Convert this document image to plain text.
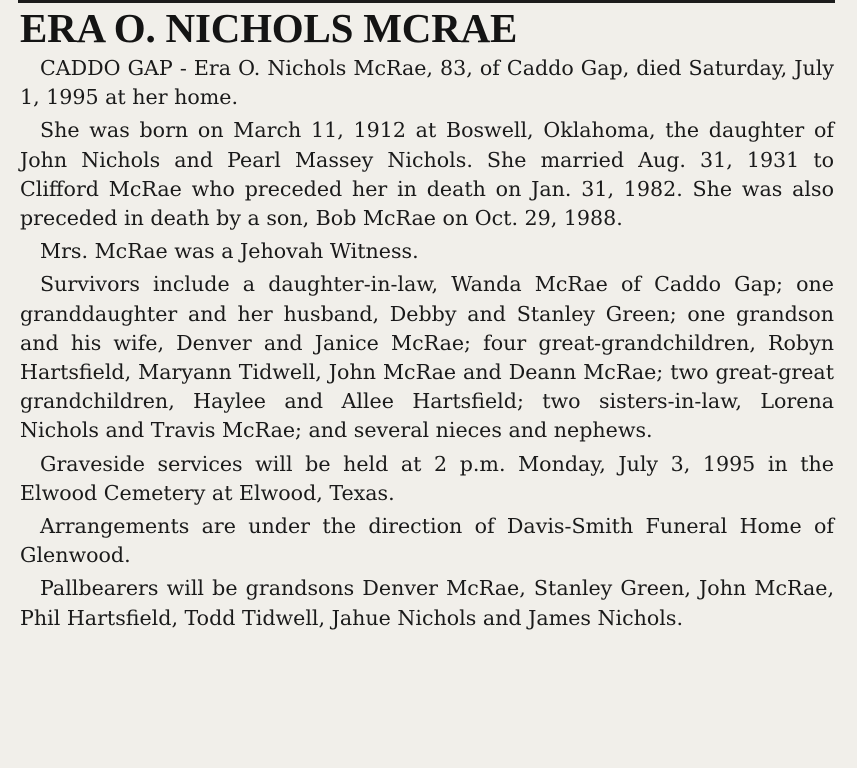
ERA O. NICHOLS MCRAE

CADDO GAP - Era O. Nichols McRae, 83, of Caddo Gap, died Saturday, July 1, 1995 at her home.

She was born on March 11, 1912 at Boswell, Oklahoma, the daughter of John Nichols and Pearl Massey Nichols. She married Aug. 31, 1931 to Clifford McRae who preceded her in death on Jan. 31, 1982. She was also preceded in death by a son, Bob McRae on Oct. 29, 1988.

Mrs. McRae was a Jehovah Witness.

Survivors include a daughter-in-law, Wanda McRae of Caddo Gap; one granddaughter and her husband, Debby and Stanley Green; one grandson and his wife, Denver and Janice McRae; four great-grandchildren, Robyn Hartsfield, Maryann Tidwell, John McRae and Deann McRae; two great-great grandchildren, Haylee and Allee Hartsfield; two sisters-in-law, Lorena Nichols and Travis McRae; and several nieces and nephews.

Graveside services will be held at 2 p.m. Monday, July 3, 1995 in the Elwood Cemetery at Elwood, Texas.

Arrangements are under the direction of Davis-Smith Funeral Home of Glenwood.

Pallbearers will be grandsons Denver McRae, Stanley Green, John McRae, Phil Hartsfield, Todd Tidwell, Jahue Nichols and James Nichols.
